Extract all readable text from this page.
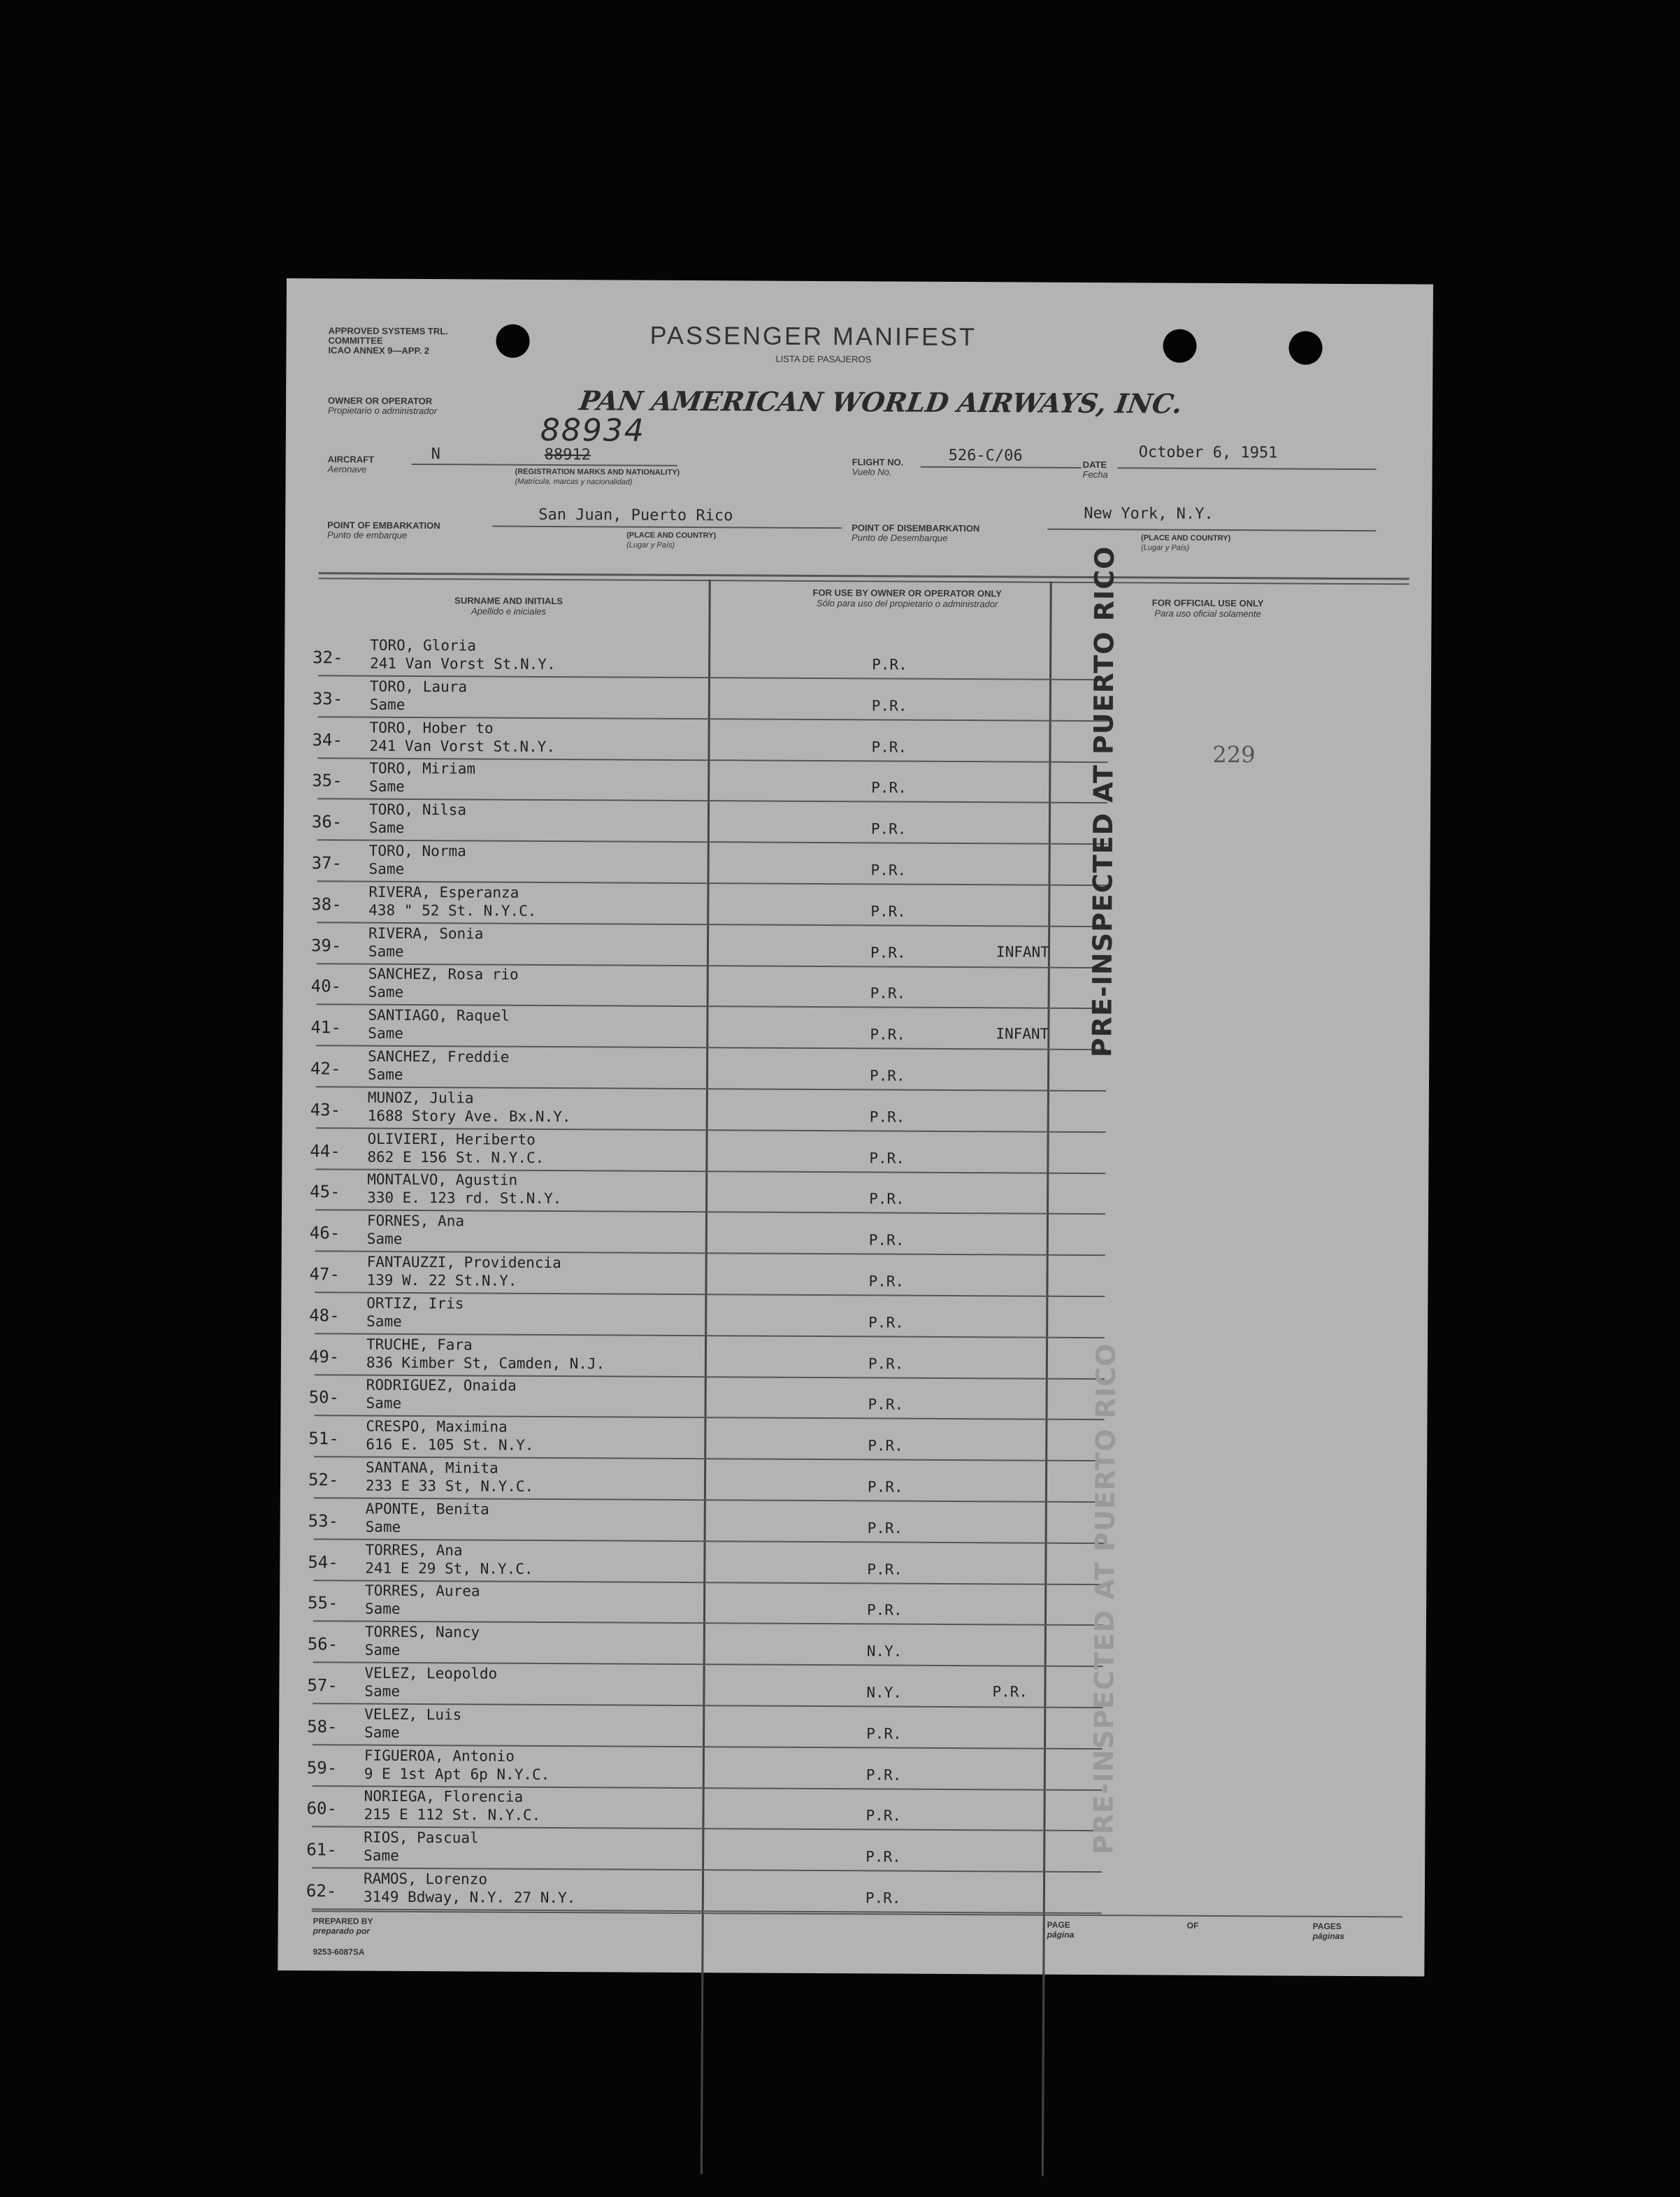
APPROVED SYSTEMS TRL. COMMITTEE
ICAO ANNEX 9—APP. 2	PASSENGER MANIFEST
LISTA DE PASAJEROS
OWNER OR OPERATOR
Propietario o administrador	PAN AMERICAN WORLD AIRWAYS, INC.
88934
AIRCRAFT
Aeronave
N	88912
(REGISTRATION MARKS AND NATIONALITY)
(Matrícula, marcas y nacionalidad)
FLIGHT NO.
Vuelo No.
526-C/06
DATE
Fecha
October 6, 1951
POINT OF EMBARKATION
Punto de embarque
San Juan, Puerto Rico
(PLACE AND COUNTRY)
(Lugar y País)
POINT OF DISEMBARKATION
Punto de Desembarque
New York, N.Y.
(PLACE AND COUNTRY)
(Lugar y País)
SURNAME AND INITIALS
Apellido e iniciales
FOR USE BY OWNER OR OPERATOR ONLY
Sólo para uso del propietario o administrador	FOR OFFICIAL USE ONLY
Para uso oficial solamente
32-
TORO, Gloria
241 Van Vorst St.N.Y.	P.R.
33-
TORO, Laura
Same	P.R.
34-
TORO, Hober to
241 Van Vorst St.N.Y.	P.R.
35-
TORO, Miriam
Same	P.R.
36-
TORO, Nilsa
Same	P.R.
37-
TORO, Norma
Same	P.R.
38-
RIVERA, Esperanza
438 " 52 St. N.Y.C.	P.R.
39-
RIVERA, Sonia
Same	P.R.	INFANT
40-
SANCHEZ, Rosa rio
Same	P.R.
41-
SANTIAGO, Raquel
Same	P.R.	INFANT
42-
SANCHEZ, Freddie
Same	P.R.
43-
MUNOZ, Julia
1688 Story Ave. Bx.N.Y.	P.R.
44-
OLIVIERI, Heriberto
862 E 156 St. N.Y.C.	P.R.
45-
MONTALVO, Agustin
330 E. 123 rd. St.N.Y.	P.R.
46-
FORNES, Ana
Same	P.R.
47-
FANTAUZZI, Providencia
139 W. 22 St.N.Y.	P.R.
48-
ORTIZ, Iris
Same	P.R.
49-
TRUCHE, Fara
836 Kimber St, Camden, N.J.	P.R.
50-
RODRIGUEZ, Onaida
Same	P.R.
51-
CRESPO, Maximina
616 E. 105 St. N.Y.	P.R.
52-
SANTANA, Minita
233 E 33 St, N.Y.C.	P.R.
53-
APONTE, Benita
Same	P.R.
54-
TORRES, Ana
241 E 29 St, N.Y.C.	P.R.
55-
TORRES, Aurea
Same	P.R.
56-
TORRES, Nancy
Same	N.Y.
57-
VELEZ, Leopoldo
Same	N.Y.	P.R.
58-
VELEZ, Luis
Same	P.R.
59-
FIGUEROA, Antonio
9 E 1st Apt 6p N.Y.C.	P.R.
60-
NORIEGA, Florencia
215 E 112 St. N.Y.C.	P.R.
61-
RIOS, Pascual
Same	P.R.
62-
RAMOS, Lorenzo
3149 Bdway, N.Y. 27 N.Y.	P.R.
PRE-INSPECTED AT PUERTO RICO
PRE-INSPECTED AT PUERTO RICO
229
PREPARED BY
preparado por
PAGE
página
OF	PAGES
páginas
9253-6087SA
